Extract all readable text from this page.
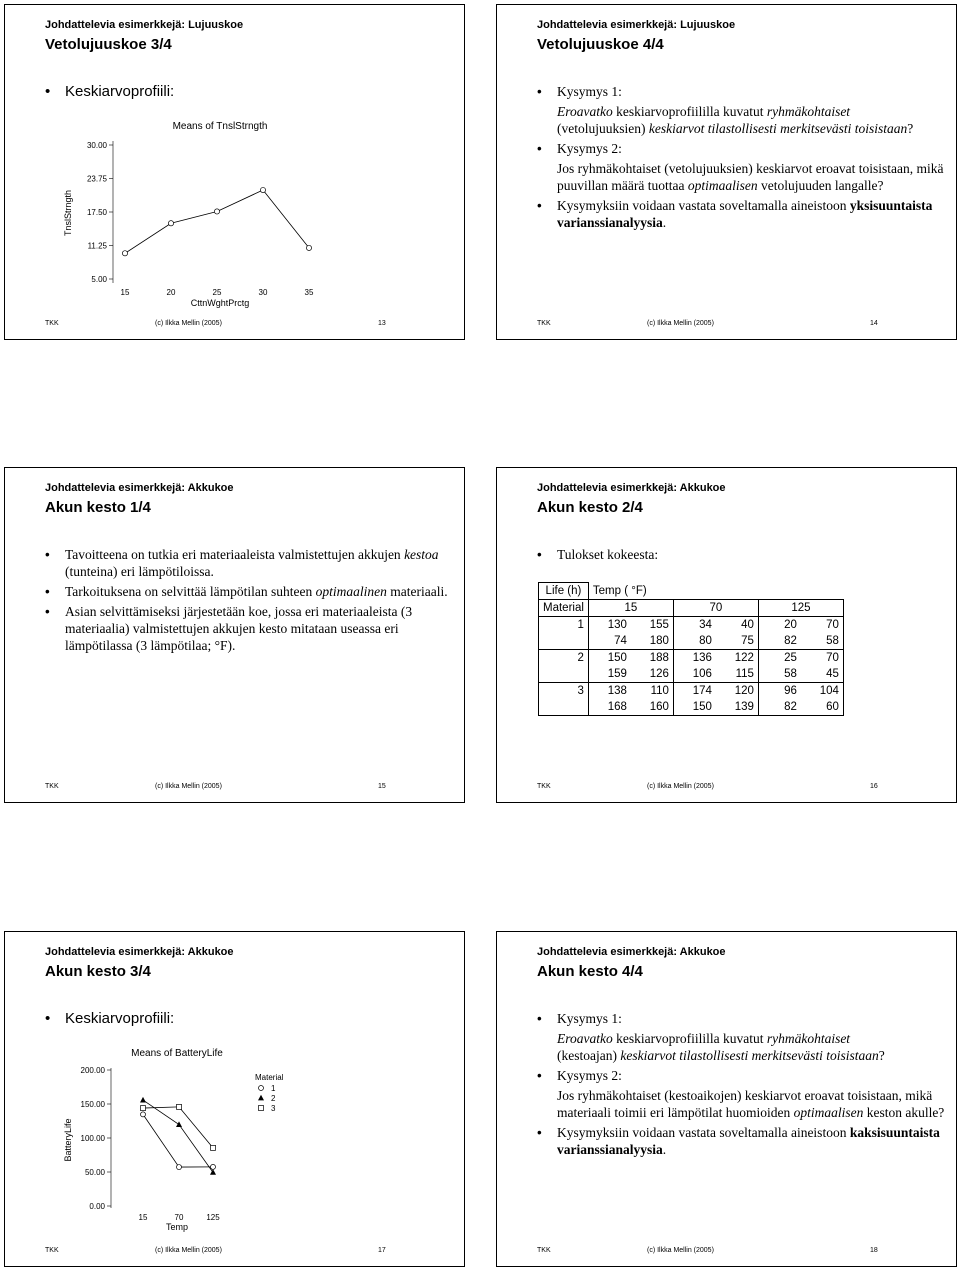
Johdattelevia esimerkkejä: Lujuuskoe
Vetolujuuskoe 3/4
• Keskiarvoprofiili:
Means of TnslStrngth
TnslStrngth
CttnWghtPrctg
5.00
11.25
17.50
23.75
30.00
15	20	25	30	35
TKK	(c) Ilkka Mellin (2005)	13
Johdattelevia esimerkkejä: Lujuuskoe
Vetolujuuskoe 4/4
• Kysymys 1:
Eroavatko keskiarvoprofiililla kuvatut ryhmäkohtaiset
(vetolujuuksien) keskiarvot tilastollisesti merkitsevästi toisistaan?
• Kysymys 2:
Jos ryhmäkohtaiset (vetolujuuksien) keskiarvot eroavat toisistaan, mikä puuvillan määrä tuottaa optimaalisen vetolujuuden langalle?
• Kysymyksiin voidaan vastata soveltamalla aineistoon yksisuuntaista varianssianalyysia.
TKK	(c) Ilkka Mellin (2005)	14
Johdattelevia esimerkkejä: Akkukoe
Akun kesto 1/4
• Tavoitteena on tutkia eri materiaaleista valmistettujen akkujen kestoa (tunteina) eri lämpötiloissa.
• Tarkoituksena on selvittää lämpötilan suhteen optimaalinen materiaali.
• Asian selvittämiseksi järjestetään koe, jossa eri materiaaleista (3 materiaalia) valmistettujen akkujen kesto mitataan useassa eri lämpötilassa (3 lämpötilaa; °F).
TKK	(c) Ilkka Mellin (2005)	15
Johdattelevia esimerkkejä: Akkukoe
Akun kesto 2/4
• Tulokset kokeesta:
Life (h)	Temp ( °F)					
Material	15		70		125	
1	130	155	34	40	20	70
	74	180	80	75	82	58
2	150	188	136	122	25	70
	159	126	106	115	58	45
3	138	110	174	120	96	104
	168	160	150	139	82	60
TKK	(c) Ilkka Mellin (2005)	16
Johdattelevia esimerkkejä: Akkukoe
Akun kesto 3/4
• Keskiarvoprofiili:
Means of BatteryLife
BatteryLife
Temp
Material
0.00
50.00
100.00
150.00
200.00
15	70	125
1
2
3
TKK	(c) Ilkka Mellin (2005)	17
Johdattelevia esimerkkejä: Akkukoe
Akun kesto 4/4
• Kysymys 1:
Eroavatko keskiarvoprofiililla kuvatut ryhmäkohtaiset
(kestoajan) keskiarvot tilastollisesti merkitsevästi toisistaan?
• Kysymys 2:
Jos ryhmäkohtaiset (kestoaikojen) keskiarvot eroavat toisistaan, mikä materiaali toimii eri lämpötilat huomioiden optimaalisen keston akulle?
• Kysymyksiin voidaan vastata soveltamalla aineistoon kaksisuuntaista varianssianalyysia.
TKK	(c) Ilkka Mellin (2005)	18
